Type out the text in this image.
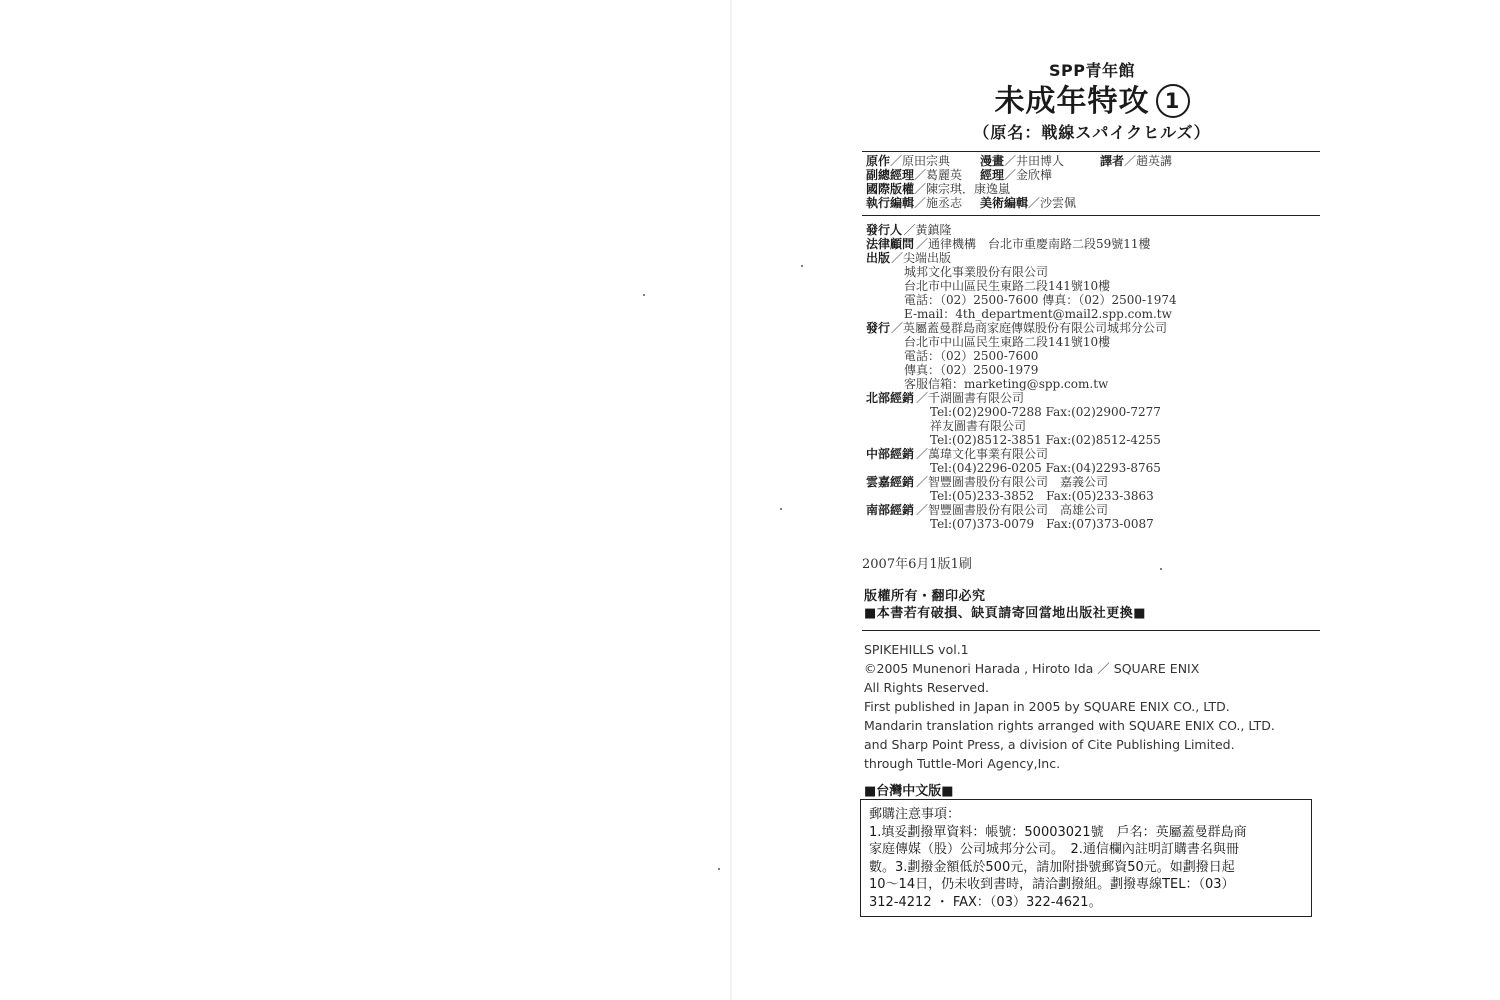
SPP青年館
未成年特攻 1
（原名：戦線スパイクヒルズ）
原作／原田宗典 漫畫／井田博人	譯者／趙英講
副總經理／葛麗英 經理／金欣樺
國際版權／陳宗琪．康逸嵐
執行編輯／施丞志 美術編輯／沙雲佩
發行人 ／ 黃鎮隆
法律顧問 ／ 通律機構　台北市重慶南路二段59號11樓
出版 ／ 尖端出版
城邦文化事業股份有限公司
台北市中山區民生東路二段141號10樓
電話：（02）2500-7600 傳真：（02）2500-1974
E-mail：4th_department@mail2.spp.com.tw
發行 ／ 英屬蓋曼群島商家庭傳媒股份有限公司城邦分公司
台北市中山區民生東路二段141號10樓
電話：（02）2500-7600
傳真：（02）2500-1979
客服信箱：marketing@spp.com.tw
北部經銷 ／ 千湖圖書有限公司
Tel:(02)2900-7288 Fax:(02)2900-7277
祥友圖書有限公司
Tel:(02)8512-3851 Fax:(02)8512-4255
中部經銷 ／ 萬瑋文化事業有限公司
Tel:(04)2296-0205 Fax:(04)2293-8765
雲嘉經銷 ／ 智豐圖書股份有限公司　嘉義公司
Tel:(05)233-3852　Fax:(05)233-3863
南部經銷 ／ 智豐圖書股份有限公司　高雄公司
Tel:(07)373-0079　Fax:(07)373-0087
2007年6月1版1刷
版權所有・翻印必究
■本書若有破損、缺頁請寄回當地出版社更換■
SPIKEHILLS vol.1
©2005 Munenori Harada , Hiroto Ida ／ SQUARE ENIX
All Rights Reserved.
First published in Japan in 2005 by SQUARE ENIX CO., LTD.
Mandarin translation rights arranged with SQUARE ENIX CO., LTD.
and Sharp Point Press, a division of Cite Publishing Limited.
through Tuttle-Mori Agency,Inc.
■台灣中文版■
郵購注意事項：
1.填妥劃撥單資料：帳號：50003021號　戶名：英屬蓋曼群島商
家庭傳媒（股）公司城邦分公司。　2.通信欄內註明訂購書名與冊
數。3.劃撥金額低於500元，請加附掛號郵資50元。如劃撥日起
10～14日，仍未收到書時，請洽劃撥組。劃撥專線TEL：（03）
312-4212 ・ FAX：（03）322-4621。
